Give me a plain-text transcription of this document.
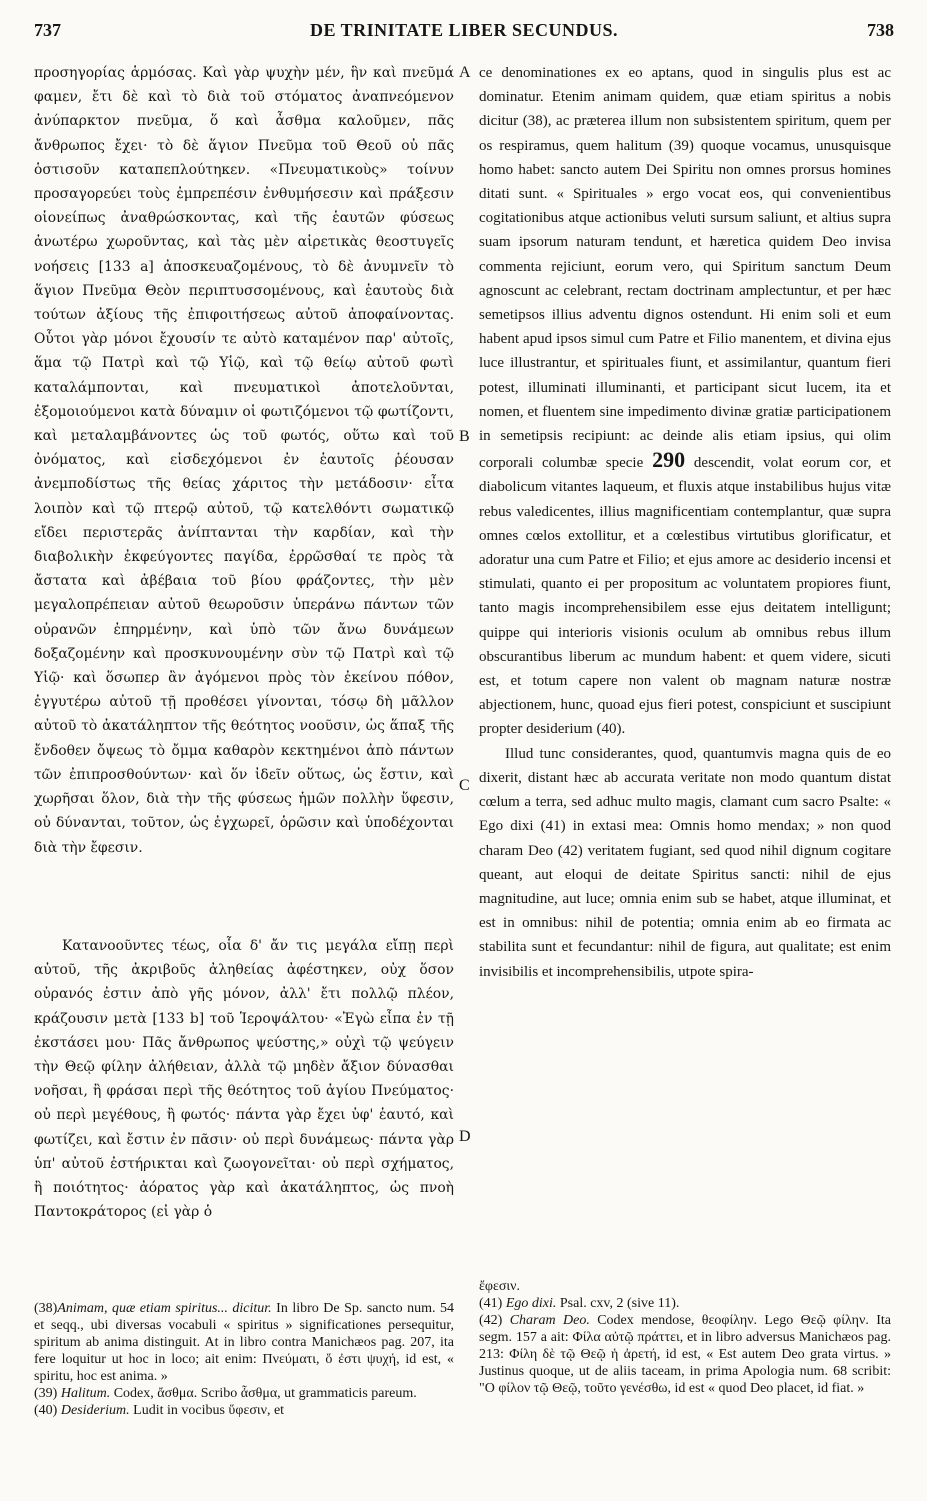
737	DE TRINITATE LIBER SECUNDUS.	738

προσηγορίας ἁρμόσας. Καὶ γὰρ ψυχὴν μέν, ἣν καὶ πνεῦμά φαμεν, ἔτι δὲ καὶ τὸ διὰ τοῦ στόματος ἀναπνεόμενον ἀνύπαρκτον πνεῦμα, ὅ καὶ ἆσθμα καλοῦμεν, πᾶς ἄνθρωπος ἔχει· τὸ δὲ ἅγιον Πνεῦμα τοῦ Θεοῦ οὐ πᾶς ὁστισοῦν καταπεπλούτηκεν. «Πνευματικοὺς» τοίνυν προσαγορεύει τοὺς ἐμπρεπέσιν ἐνθυμήσεσιν καὶ πράξεσιν οἱονείπως ἀναθρώσκοντας, καὶ τῆς ἑαυτῶν φύσεως ἀνωτέρω χωροῦντας, καὶ τὰς μὲν αἱρετικὰς θεοστυγεῖς νοήσεις [133 a] ἀποσκευαζομένους, τὸ δὲ ἀνυμνεῖν τὸ ἅγιον Πνεῦμα Θεὸν περιπτυσσομένους, καὶ ἑαυτοὺς διὰ τούτων ἀξίους τῆς ἐπιφοιτήσεως αὐτοῦ ἀποφαίνοντας. Οὗτοι γὰρ μόνοι ἔχουσίν τε αὐτὸ καταμένον παρ' αὐτοῖς, ἅμα τῷ Πατρὶ καὶ τῷ Υἱῷ, καὶ τῷ θείῳ αὐτοῦ φωτὶ καταλάμπονται, καὶ πνευματικοὶ ἀποτελοῦνται, ἐξομοιούμενοι κατὰ δύναμιν οἱ φωτιζόμενοι τῷ φωτίζοντι, καὶ μεταλαμβάνοντες ὡς τοῦ φωτός, οὕτω καὶ τοῦ ὀνόματος, καὶ εἰσδεχόμενοι ἐν ἑαυτοῖς ῥέουσαν ἀνεμποδίστως τῆς θείας χάριτος τὴν μετάδοσιν· εἶτα λοιπὸν καὶ τῷ πτερῷ αὐτοῦ, τῷ κατελθόντι σωματικῷ εἴδει περιστερᾶς ἀνίπτανται τὴν καρδίαν, καὶ τὴν διαβολικὴν ἐκφεύγοντες παγίδα, ἐρρῶσθαί τε πρὸς τὰ ἄστατα καὶ ἀβέβαια τοῦ βίου φράζοντες, τὴν μὲν μεγαλοπρέπειαν αὐτοῦ θεωροῦσιν ὑπεράνω πάντων τῶν οὐρανῶν ἐπηρμένην, καὶ ὑπὸ τῶν ἄνω δυνάμεων δοξαζομένην καὶ προσκυνουμένην σὺν τῷ Πατρὶ καὶ τῷ Υἱῷ· καὶ ὅσωπερ ἂν ἀγόμενοι πρὸς τὸν ἐκείνου πόθον, ἐγγυτέρω αὐτοῦ τῇ προθέσει γίνονται, τόσῳ δὴ μᾶλλον αὐτοῦ τὸ ἀκατάληπτον τῆς θεότητος νοοῦσιν, ὡς ἅπαξ τῆς ἔνδοθεν ὄψεως τὸ ὄμμα καθαρὸν κεκτημένοι ἀπὸ πάντων τῶν ἐπιπροσθούντων· καὶ ὅν ἰδεῖν οὕτως, ὡς ἔστιν, καὶ χωρῆσαι ὅλον, διὰ τὴν τῆς φύσεως ἡμῶν πολλὴν ὕφεσιν, οὐ δύνανται, τοῦτον, ὡς ἐγχωρεῖ, ὁρῶσιν καὶ ὑποδέχονται διὰ τὴν ἔφεσιν.

Κατανοοῦντες τέως, οἷα δ' ἄν τις μεγάλα εἴπῃ περὶ αὐτοῦ, τῆς ἀκριβοῦς ἀληθείας ἀφέστηκεν, οὐχ ὅσον οὐρανός ἐστιν ἀπὸ γῆς μόνον, ἀλλ' ἔτι πολλῷ πλέον, κράζουσιν μετὰ [133 b] τοῦ Ἱεροψάλτου· «Ἐγὼ εἶπα ἐν τῇ ἐκστάσει μου· Πᾶς ἄνθρωπος ψεύστης,» οὐχὶ τῷ ψεύγειν τὴν Θεῷ φίλην ἀλήθειαν, ἀλλὰ τῷ μηδὲν ἄξιον δύνασθαι νοῆσαι, ἢ φράσαι περὶ τῆς θεότητος τοῦ ἁγίου Πνεύματος· οὐ περὶ μεγέθους, ἢ φωτός· πάντα γὰρ ἔχει ὑφ' ἑαυτό, καὶ φωτίζει, καὶ ἔστιν ἐν πᾶσιν· οὐ περὶ δυνάμεως· πάντα γὰρ ὑπ' αὐτοῦ ἐστήρικται καὶ ζωογονεῖται· οὐ περὶ σχήματος, ἢ ποιότητος· ἀόρατος γὰρ καὶ ἀκατάληπτος, ὡς πνοὴ Παντοκράτορος (εἰ γὰρ ὁ

A
B
C
D

ce denominationes ex eo aptans, quod in singulis plus est ac dominatur. Etenim animam quidem, quæ etiam spiritus a nobis dicitur (38), ac præterea illum non subsistentem spiritum, quem per os respiramus, quem halitum (39) quoque vocamus, unusquisque homo habet: sancto autem Dei Spiritu non omnes prorsus homines ditati sunt. « Spirituales » ergo vocat eos, qui convenientibus cogitationibus atque actionibus veluti sursum saliunt, et altius supra suam ipsorum naturam tendunt, et hæretica quidem Deo invisa commenta rejiciunt, eorum vero, qui Spiritum sanctum Deum agnoscunt ac celebrant, rectam doctrinam amplectuntur, et per hæc semetipsos illius adventu dignos ostendunt. Hi enim soli et eum habent apud ipsos simul cum Patre et Filio manentem, et divina ejus luce illustrantur, et spirituales fiunt, et assimilantur, quantum fieri potest, illuminati illuminanti, et participant sicut lucem, ita et nomen, et fluentem sine impedimento divinæ gratiæ participationem in semetipsis recipiunt: ac deinde alis etiam ipsius, qui olim corporali columbæ specie 290 descendit, volat eorum cor, et diabolicum vitantes laqueum, et fluxis atque instabilibus hujus vitæ rebus valedicentes, illius magnificentiam contemplantur, quæ supra omnes cœlos extollitur, et a cœlestibus virtutibus glorificatur, et adoratur una cum Patre et Filio; et ejus amore ac desiderio incensi et stimulati, quanto ei per propositum ac voluntatem propiores fiunt, tanto magis incomprehensibilem esse ejus deitatem intelligunt; quippe qui interioris visionis oculum ab omnibus rebus illum obscurantibus liberum ac mundum habent: et quem videre, sicuti est, et totum capere non valent ob magnam naturæ nostræ abjectionem, hunc, quoad ejus fieri potest, conspiciunt et suscipiunt propter desiderium (40).

Illud tunc considerantes, quod, quantumvis magna quis de eo dixerit, distant hæc ab accurata veritate non modo quantum distat cœlum a terra, sed adhuc multo magis, clamant cum sacro Psalte: « Ego dixi (41) in extasi mea: Omnis homo mendax; » non quod charam Deo (42) veritatem fugiant, sed quod nihil dignum cogitare queant, aut eloqui de deitate Spiritus sancti: nihil de ejus magnitudine, aut luce; omnia enim sub se habet, atque illuminat, et est in omnibus: nihil de potentia; omnia enim ab eo firmata ac stabilita sunt et fecundantur: nihil de figura, aut qualitate; est enim invisibilis et incomprehensibilis, utpote spira-

(38)Animam, quæ etiam spiritus... dicitur. In libro De Sp. sancto num. 54 et seqq., ubi diversas vocabuli « spiritus » significationes persequitur, spiritum ab anima distinguit. At in libro contra Manichæos pag. 207, ita fere loquitur ut hoc in loco; ait enim: Πνεύματι, ὅ ἐστι ψυχή, id est, « spiritu, hoc est anima. »

(39) Halitum. Codex, ἄσθμα. Scribo ἆσθμα, ut grammaticis pareum.

(40) Desiderium. Ludit in vocibus ὕφεσιν, et

ἔφεσιν.

(41) Ego dixi. Psal. cxv, 2 (sive 11).

(42) Charam Deo. Codex mendose, θεοφίλην. Lego Θεῷ φίλην. Ita segm. 157 a ait: Φίλα αὐτῷ πράττει, et in libro adversus Manichæos pag. 213: Φίλη δὲ τῷ Θεῷ ἡ ἀρετή, id est, « Est autem Deo grata virtus. » Justinus quoque, ut de aliis taceam, in prima Apologia num. 68 scribit: "Ο φίλον τῷ Θεῷ, τοῦτο γενέσθω, id est « quod Deo placet, id fiat. »
